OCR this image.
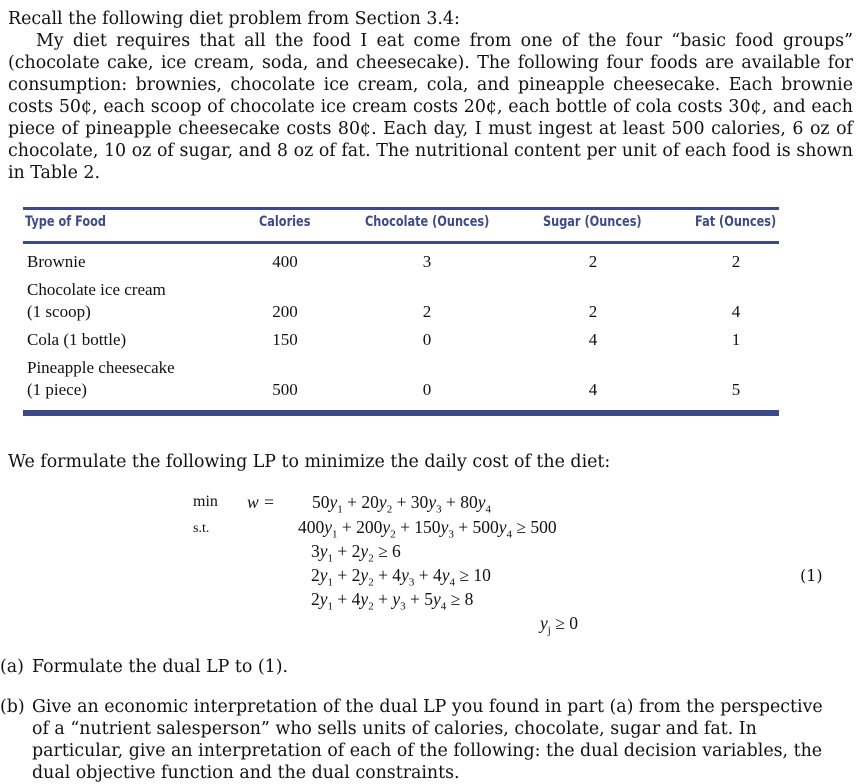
Recall the following diet problem from Section 3.4:
My diet requires that all the food I eat come from one of the four “basic food groups” (chocolate cake, ice cream, soda, and cheesecake). The following four foods are available for consumption: brownies, chocolate ice cream, cola, and pineapple cheesecake. Each brownie costs 50¢, each scoop of chocolate ice cream costs 20¢, each bottle of cola costs 30¢, and each piece of pineapple cheesecake costs 80¢. Each day, I must ingest at least 500 calories, 6 oz of chocolate, 10 oz of sugar, and 8 oz of fat. The nutritional content per unit of each food is shown in Table 2.
Type of Food	Calories	Chocolate (Ounces)	Sugar (Ounces)	Fat (Ounces)
Brownie	400	3	2	2
Chocolate ice cream
(1 scoop)	200	2	2	4
Cola (1 bottle)	150	0	4	1
Pineapple cheesecake
(1 piece)	500	0	4	5
We formulate the following LP to minimize the daily cost of the diet:
min
s.t.
$w = 50y_1 + 20y_2 + 30y_3 + 80y_4$
$400y_1 + 200y_2 + 150y_3 + 500y_4 \ge 500$
$3y_1 + 2y_2 \ge 6$
$2y_1 + 2y_2 + 4y_3 + 4y_4 \ge 10$
$2y_1 + 4y_2 + y_3 + 5y_4 \ge 8$
$y_j \ge 0$
(1)
(a) Formulate the dual LP to (1).
(b) Give an economic interpretation of the dual LP you found in part (a) from the perspective of a “nutrient salesperson” who sells units of calories, chocolate, sugar and fat. In particular, give an interpretation of each of the following: the dual decision variables, the dual objective function and the dual constraints.
